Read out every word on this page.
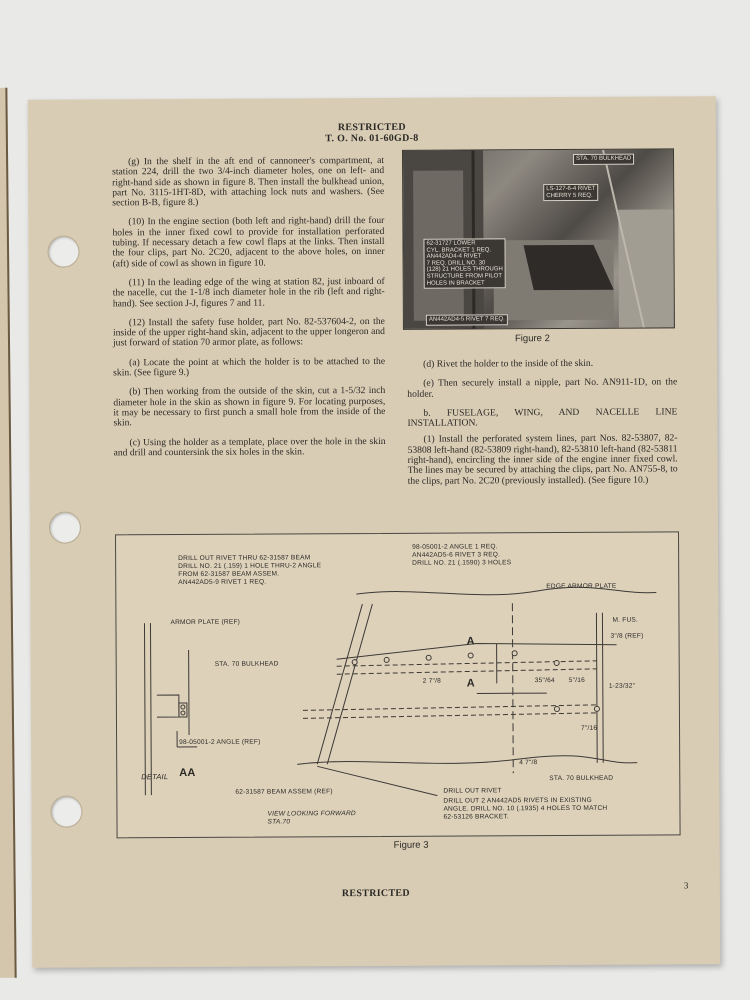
RESTRICTED
T. O. No. 01-60GD-8

(g) In the shelf in the aft end of cannoneer's compartment, at station 224, drill the two 3/4-inch diameter holes, one on left- and right-hand side as shown in figure 8. Then install the bulkhead union, part No. 3115-1HT-8D, with attaching lock nuts and washers. (See section B-B, figure 8.)

(10) In the engine section (both left and right-hand) drill the four holes in the inner fixed cowl to provide for installation perforated tubing. If necessary detach a few cowl flaps at the links. Then install the four clips, part No. 2C20, adjacent to the above holes, on inner (aft) side of cowl as shown in figure 10.

(11) In the leading edge of the wing at station 82, just inboard of the nacelle, cut the 1-1/8 inch diameter hole in the rib (left and right-hand). See section J-J, figures 7 and 11.

(12) Install the safety fuse holder, part No. 82-537604-2, on the inside of the upper right-hand skin, adjacent to the upper longeron and just forward of station 70 armor plate, as follows:

(a) Locate the point at which the holder is to be attached to the skin. (See figure 9.)

(b) Then working from the outside of the skin, cut a 1-5/32 inch diameter hole in the skin as shown in figure 9. For locating purposes, it may be necessary to first punch a small hole from the inside of the skin.

(c) Using the holder as a template, place over the hole in the skin and drill and countersink the six holes in the skin.

STA. 70 BULKHEAD
LS-127-6-4 RIVET
CHERRY 5 REQ.
62-31727 LOWER
CYL. BRACKET 1 REQ.
AN442AD4-4 RIVET
7 REQ. DRILL NO. 30
(128) 21 HOLES THROUGH
STRUCTURE FROM PILOT
HOLES IN BRACKET
AN442AD4-5 RIVET 7 REQ.
Figure 2

(d) Rivet the holder to the inside of the skin.

(e) Then securely install a nipple, part No. AN911-1D, on the holder.

b. FUSELAGE, WING, AND NACELLE LINE INSTALLATION.

(1) Install the perforated system lines, part Nos. 82-53807, 82-53808 left-hand (82-53809 right-hand), 82-53810 left-hand (82-53811 right-hand), encircling the inner side of the engine inner fixed cowl. The lines may be secured by attaching the clips, part No. AN755-8, to the clips, part No. 2C20 (previously installed). (See figure 10.)

DRILL OUT RIVET THRU 62-31587 BEAM
DRILL NO. 21 (.159) 1 HOLE THRU-2 ANGLE
FROM 62-31587 BEAM ASSEM.
AN442AD5-9 RIVET 1 REQ.
98-05001-2 ANGLE 1 REQ.
AN442AD5-6 RIVET 3 REQ.
DRILL NO. 21 (.1590) 3 HOLES
EDGE ARMOR PLATE
M. FUS.
3"/8 (REF)
ARMOR PLATE (REF)
STA. 70 BULKHEAD
A
A
2 7"/8	35"/64 5"/16
1-23/32"
7"/16
98-05001-2 ANGLE (REF)
DETAIL AA
4 7"/8
STA. 70 BULKHEAD
62-31587 BEAM ASSEM (REF)	DRILL OUT RIVET
DRILL OUT 2 AN442AD5 RIVETS IN EXISTING
ANGLE. DRILL NO. 10 (.1935) 4 HOLES TO MATCH
62-53126 BRACKET.
VIEW LOOKING FORWARD
STA.70
Figure 3
RESTRICTED
3
